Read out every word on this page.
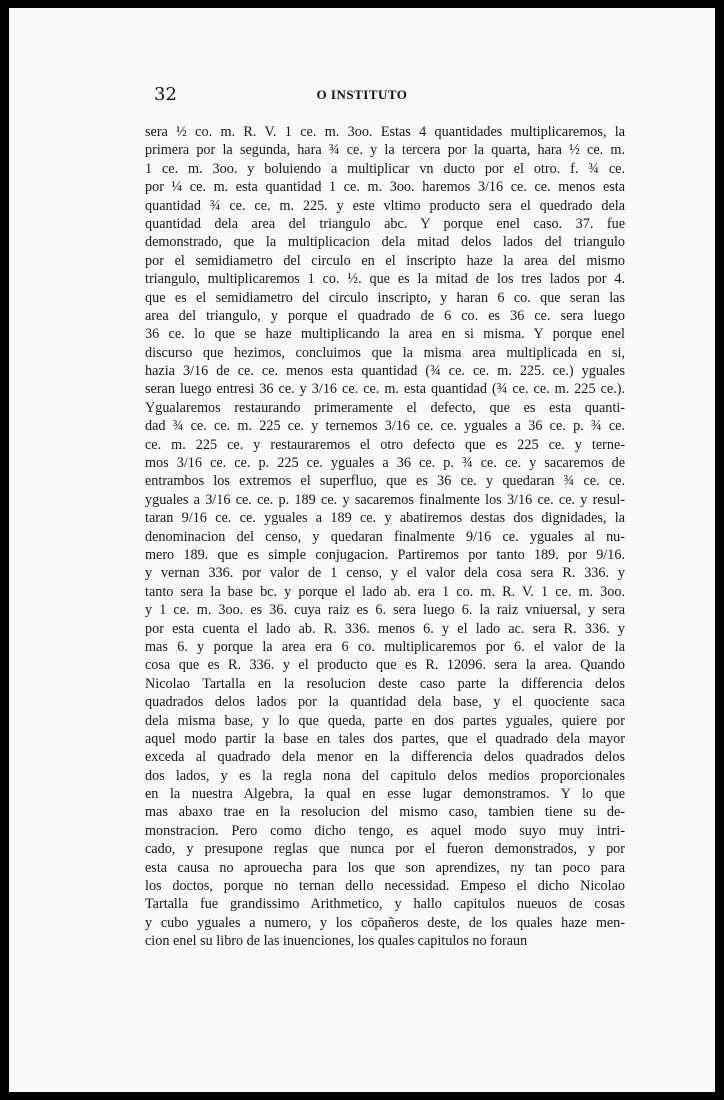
32	O INSTITUTO
sera ½ co. m. R. V. 1 ce. m. 3oo. Estas 4 quantidades multiplicaremos, la
primera por la segunda, hara ¾ ce. y la tercera por la quarta, hara ½ ce. m.
1 ce. m. 3oo. y boluiendo a multiplicar vn ducto por el otro. f. ¾ ce.
por ¼ ce. m. esta quantidad 1 ce. m. 3oo. haremos 3/16 ce. ce. menos esta
quantidad ¾ ce. ce. m. 225. y este vltimo producto sera el quedrado dela
quantidad dela area del triangulo abc. Y porque enel caso. 37. fue
demonstrado, que la multiplicacion dela mitad delos lados del triangulo
por el semidiametro del circulo en el inscripto haze la area del mismo
triangulo, multiplicaremos 1 co. ½. que es la mitad de los tres lados por 4.
que es el semidiametro del circulo inscripto, y haran 6 co. que seran las
area del triangulo, y porque el quadrado de 6 co. es 36 ce. sera luego
36 ce. lo que se haze multiplicando la area en si misma. Y porque enel
discurso que hezimos, concluimos que la misma area multiplicada en si,
hazia 3/16 de ce. ce. menos esta quantidad (¾ ce. ce. m. 225. ce.) yguales
seran luego entresi 36 ce. y 3/16 ce. ce. m. esta quantidad (¾ ce. ce. m. 225 ce.).
Ygualaremos restaurando primeramente el defecto, que es esta quanti-
dad ¾ ce. ce. m. 225 ce. y ternemos 3/16 ce. ce. yguales a 36 ce. p. ¾ ce.
ce. m. 225 ce. y restauraremos el otro defecto que es 225 ce. y terne-
mos 3/16 ce. ce. p. 225 ce. yguales a 36 ce. p. ¾ ce. ce. y sacaremos de
entrambos los extremos el superfluo, que es 36 ce. y quedaran ¾ ce. ce.
yguales a 3/16 ce. ce. p. 189 ce. y sacaremos finalmente los 3/16 ce. ce. y resul-
taran 9/16 ce. ce. yguales a 189 ce. y abatiremos destas dos dignidades, la
denominacion del censo, y quedaran finalmente 9/16 ce. yguales al nu-
mero 189. que es simple conjugacion. Partiremos por tanto 189. por 9/16.
y vernan 336. por valor de 1 censo, y el valor dela cosa sera R. 336. y
tanto sera la base bc. y porque el lado ab. era 1 co. m. R. V. 1 ce. m. 3oo.
y 1 ce. m. 3oo. es 36. cuya raiz es 6. sera luego 6. la raiz vniuersal, y sera
por esta cuenta el lado ab. R. 336. menos 6. y el lado ac. sera R. 336. y
mas 6. y porque la area era 6 co. multiplicaremos por 6. el valor de la
cosa que es R. 336. y el producto que es R. 12096. sera la area. Quando
Nicolao Tartalla en la resolucion deste caso parte la differencia delos
quadrados delos lados por la quantidad dela base, y el quociente saca
dela misma base, y lo que queda, parte en dos partes yguales, quiere por
aquel modo partir la base en tales dos partes, que el quadrado dela mayor
exceda al quadrado dela menor en la differencia delos quadrados delos
dos lados, y es la regla nona del capitulo delos medios proporcionales
en la nuestra Algebra, la qual en esse lugar demonstramos. Y lo que
mas abaxo trae en la resolucion del mismo caso, tambien tiene su de-
monstracion. Pero como dicho tengo, es aquel modo suyo muy intri-
cado, y presupone reglas que nunca por el fueron demonstrados, y por
esta causa no aprouecha para los que son aprendizes, ny tan poco para
los doctos, porque no ternan dello necessidad. Empeso el dicho Nicolao
Tartalla fue grandissimo Arithmetico, y hallo capitulos nueuos de cosas
y cubo yguales a numero, y los cōpañeros deste, de los quales haze men-
cion enel su libro de las inuenciones, los quales capitulos no foraun
